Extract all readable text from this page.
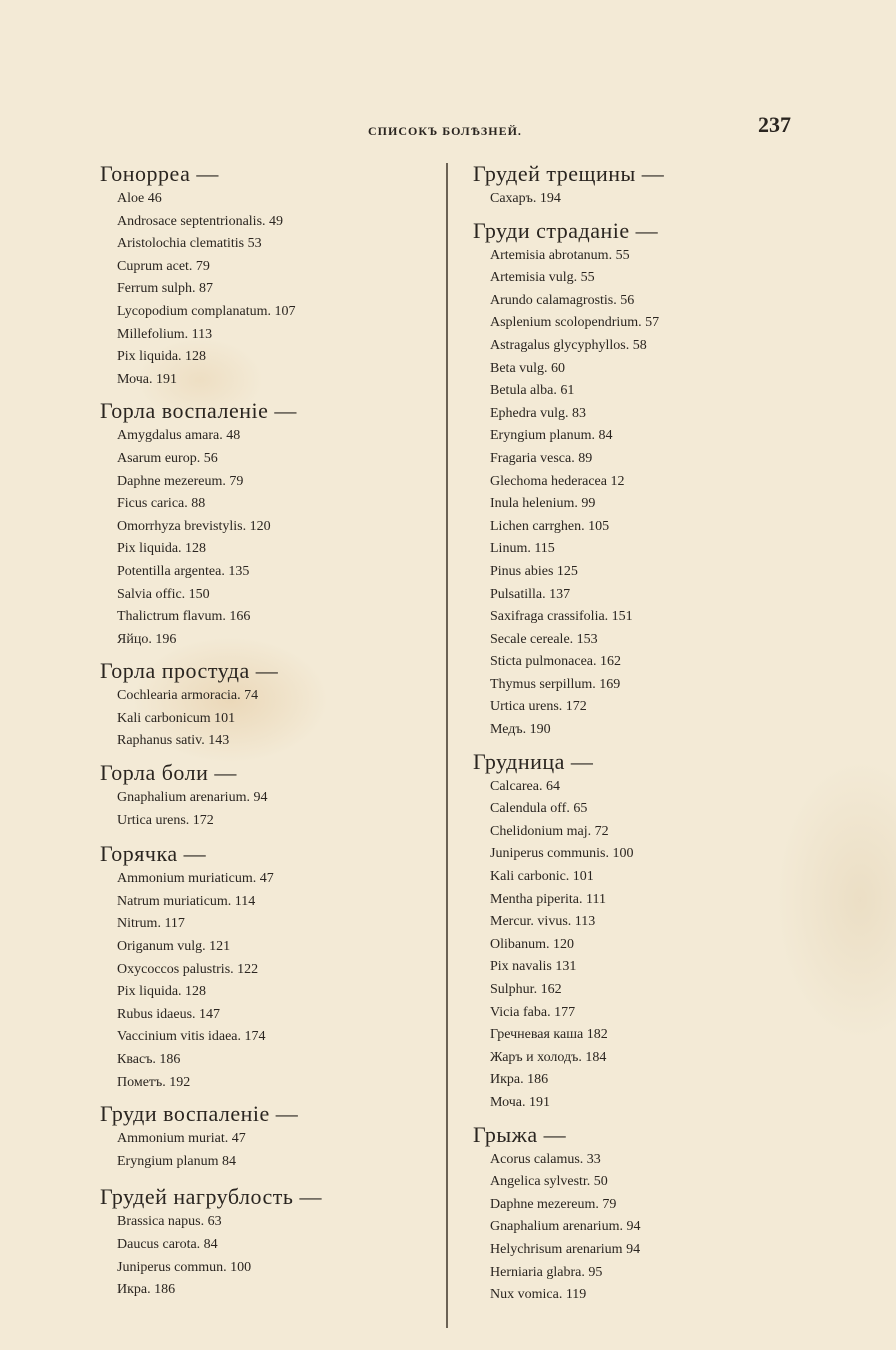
СПИСОКЪ БОЛѢЗНЕЙ.	237
Гонорреа —
Aloe 46
Androsace septentrionalis. 49
Aristolochia clematitis 53
Cuprum acet. 79
Ferrum sulph. 87
Lycopodium complanatum. 107
Millefolium. 113
Pix liquida. 128
Моча. 191
Горла воспаленіе —
Amygdalus amara. 48
Asarum europ. 56
Daphne mezereum. 79
Ficus carica. 88
Omorrhyza brevistylis. 120
Pix liquida. 128
Potentilla argentea. 135
Salvia offic. 150
Thalictrum flavum. 166
Яйцо. 196
Горла простуда —
Cochlearia armoracia. 74
Kali carbonicum 101
Raphanus sativ. 143
Горла боли —
Gnaphalium arenarium. 94
Urtica urens. 172
Горячка —
Ammonium muriaticum. 47
Natrum muriaticum. 114
Nitrum. 117
Origanum vulg. 121
Oxycoccos palustris. 122
Pix liquida. 128
Rubus idaeus. 147
Vaccinium vitis idaea. 174
Квасъ. 186
Пометъ. 192
Груди воспаленіе —
Ammonium muriat. 47
Eryngium planum 84
Грудей нагрублость —
Brassica napus. 63
Daucus carota. 84
Juniperus commun. 100
Икра. 186
Грудей трещины —
Сахаръ. 194
Груди страданіе —
Artemisia abrotanum. 55
Artemisia vulg. 55
Arundo calamagrostis. 56
Asplenium scolopendrium. 57
Astragalus glycyphyllos. 58
Beta vulg. 60
Betula alba. 61
Ephedra vulg. 83
Eryngium planum. 84
Fragaria vesca. 89
Glechoma hederacea 12
Inula helenium. 99
Lichen carrghen. 105
Linum. 115
Pinus abies 125
Pulsatilla. 137
Saxifraga crassifolia. 151
Secale cereale. 153
Sticta pulmonacea. 162
Thymus serpillum. 169
Urtica urens. 172
Медъ. 190
Грудница —
Calcarea. 64
Calendula off. 65
Chelidonium maj. 72
Juniperus communis. 100
Kali carbonic. 101
Mentha piperita. 111
Mercur. vivus. 113
Olibanum. 120
Pix navalis 131
Sulphur. 162
Vicia faba. 177
Гречневая каша 182
Жаръ и холодъ. 184
Икра. 186
Моча. 191
Грыжа —
Acorus calamus. 33
Angelica sylvestr. 50
Daphne mezereum. 79
Gnaphalium arenarium. 94
Helychrisum arenarium 94
Herniaria glabra. 95
Nux vomica. 119
